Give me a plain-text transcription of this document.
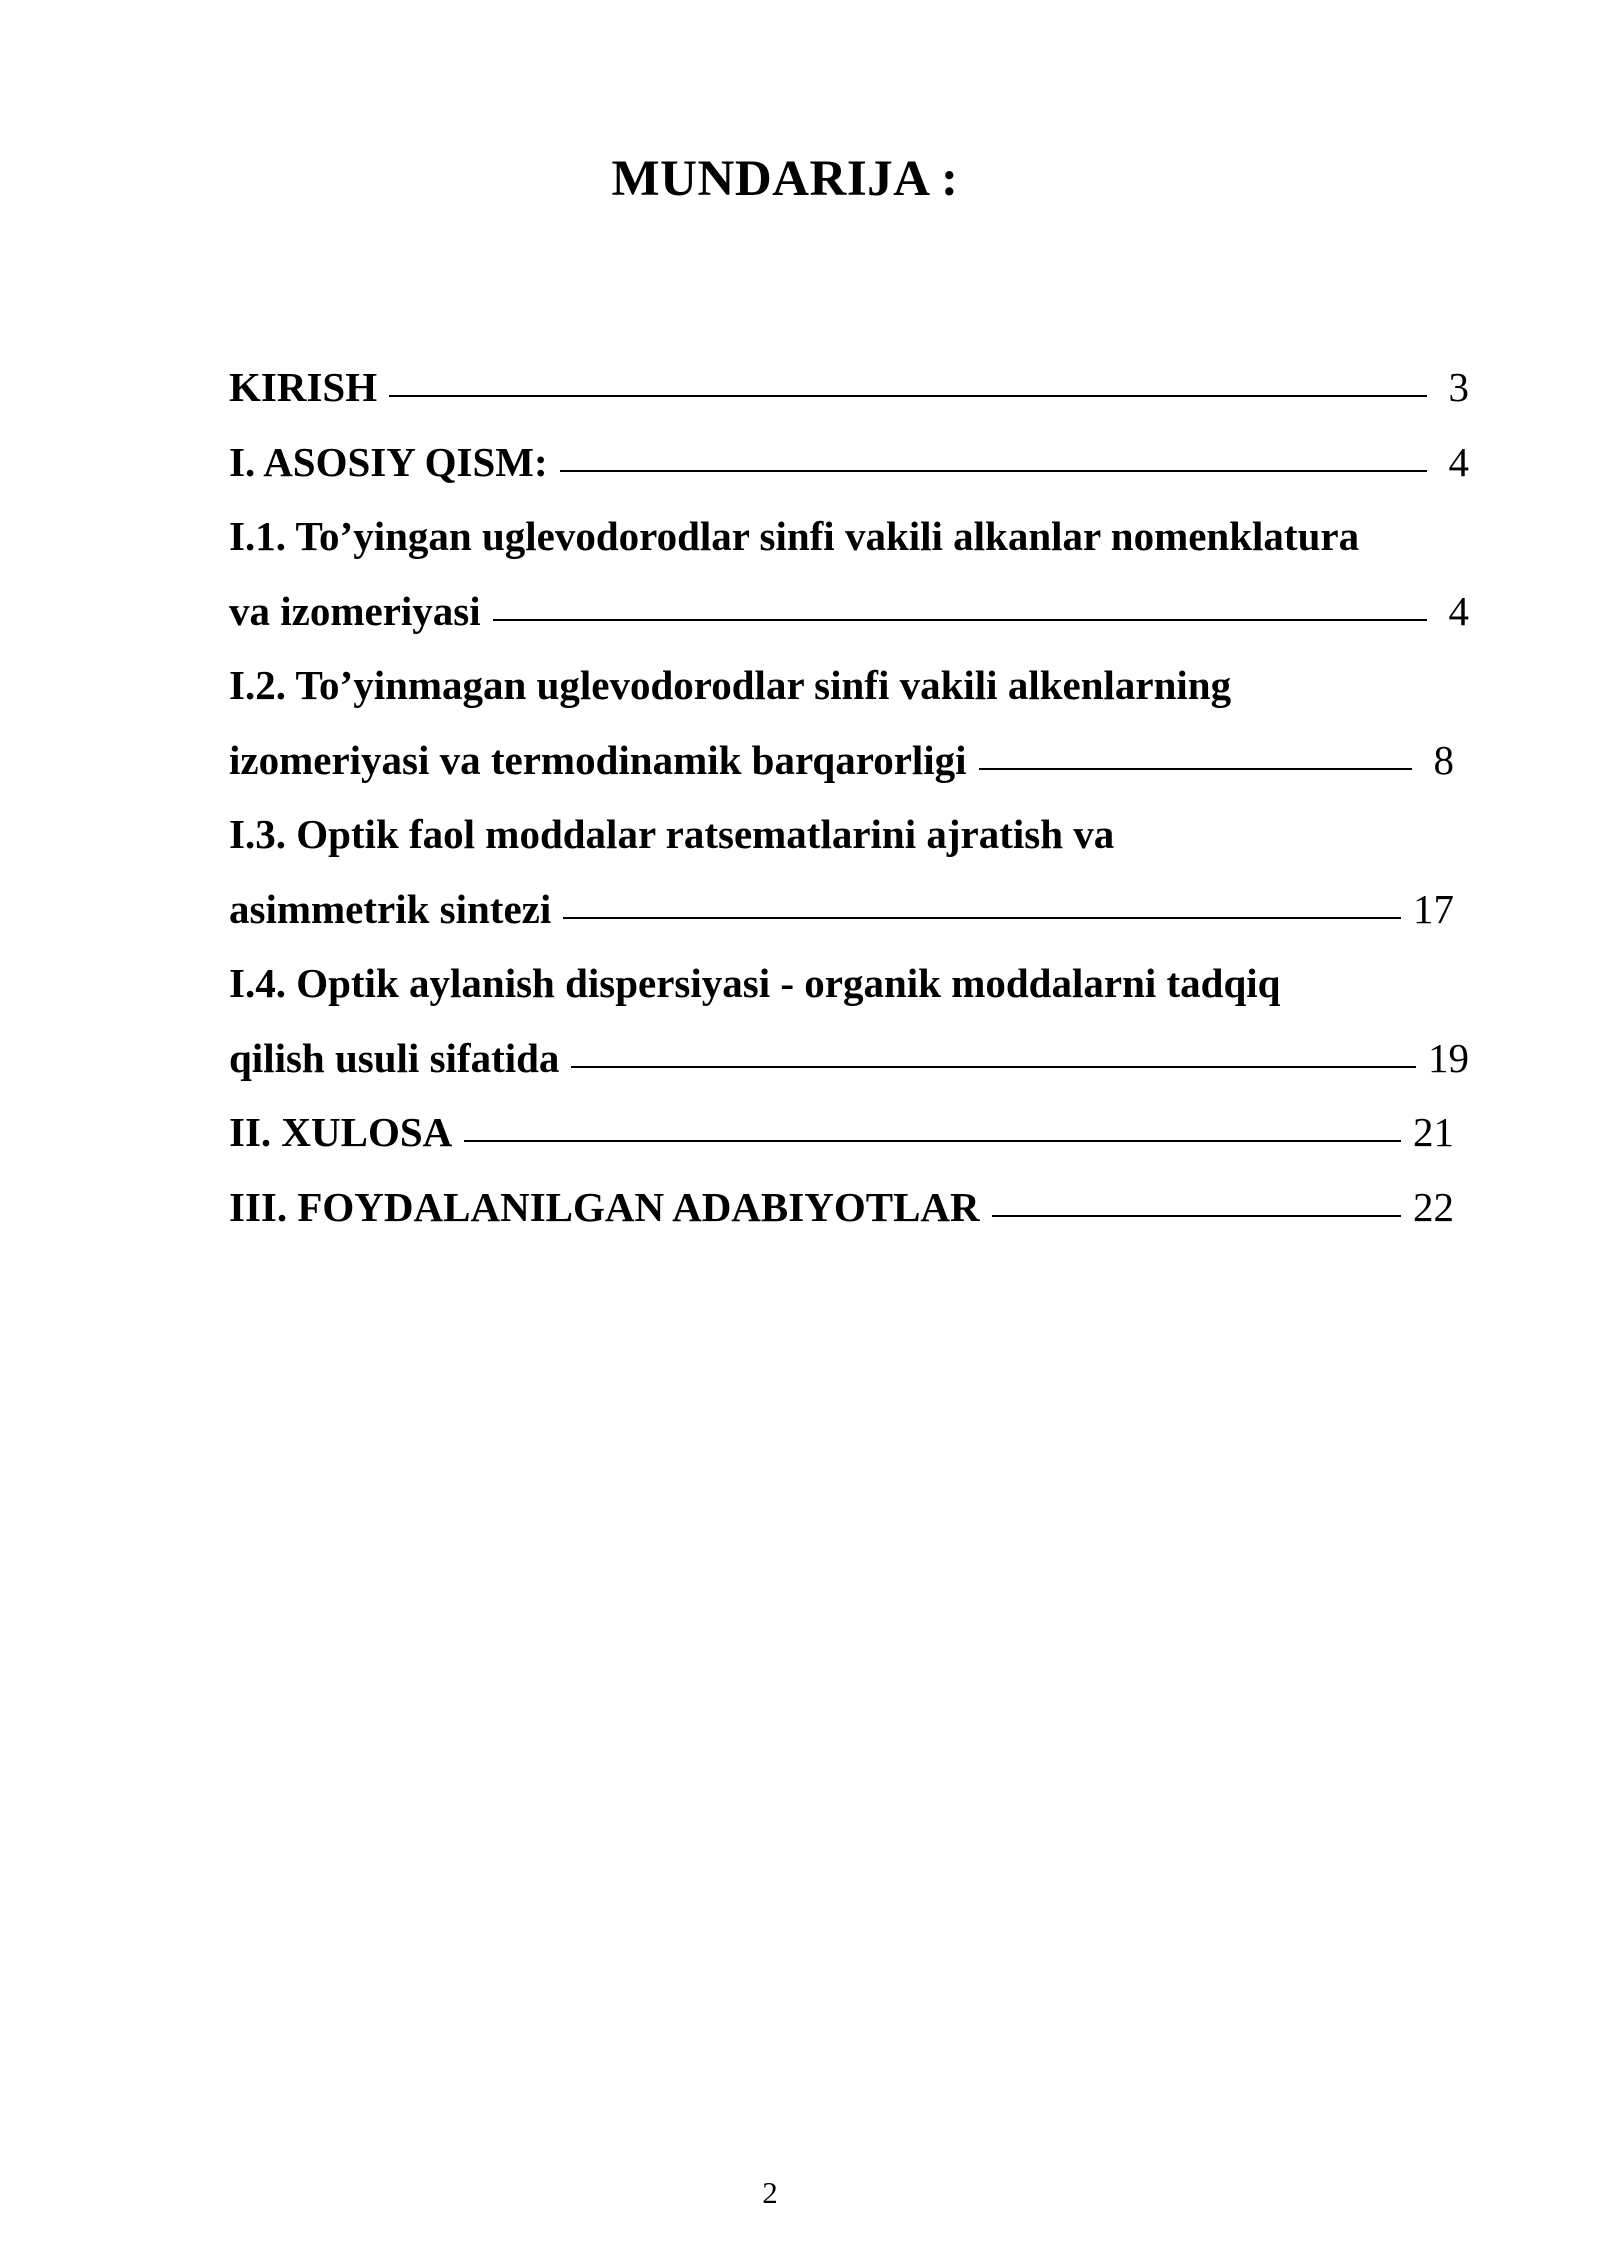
MUNDARIJA :
KIRISH	3
I. ASOSIY QISM:	4
I.1. To’yingan uglevodorodlar sinfi vakili alkanlar nomenklatura
va izomeriyasi	4
I.2. To’yinmagan uglevodorodlar sinfi vakili alkenlarning
izomeriyasi va termodinamik barqarorligi	8
I.3. Optik faol moddalar ratsematlarini ajratish va
asimmetrik sintezi	17
I.4. Optik aylanish dispersiyasi - organik moddalarni tadqiq
qilish usuli sifatida	19
II. XULOSA	21
III. FOYDALANILGAN ADABIYOTLAR	22
2
